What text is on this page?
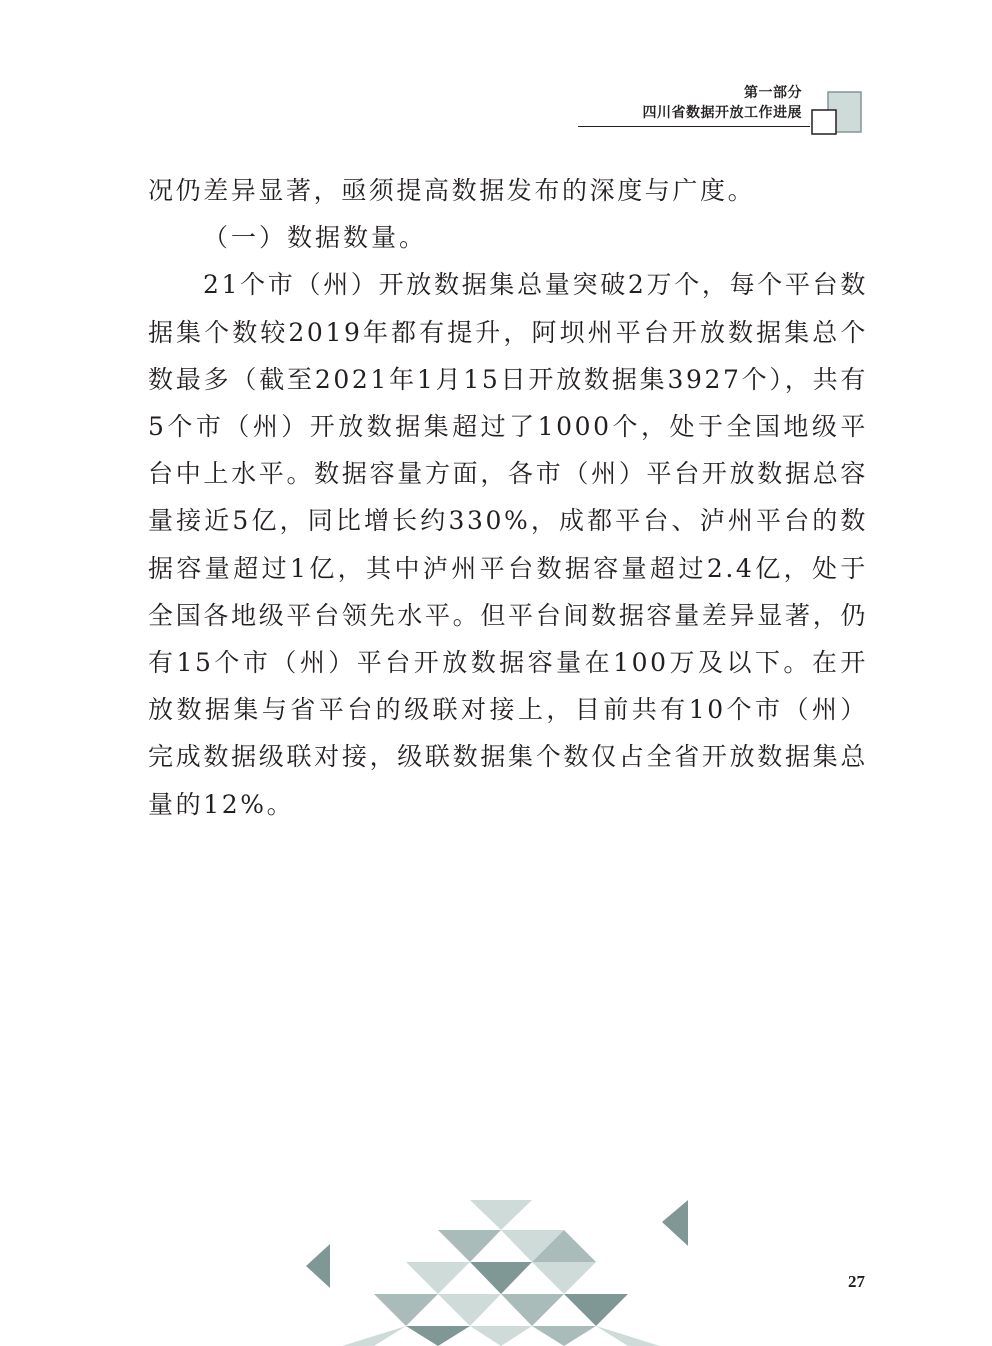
第一部分
四川省数据开放工作进展

况仍差异显著，亟须提高数据发布的深度与广度。

（一）数据数量。

21个市（州）开放数据集总量突破2万个，每个平台数据集个数较2019年都有提升，阿坝州平台开放数据集总个数最多（截至2021年1月15日开放数据集3927个），共有5个市（州）开放数据集超过了1000个，处于全国地级平台中上水平。数据容量方面，各市（州）平台开放数据总容量接近5亿，同比增长约330%，成都平台、泸州平台的数据容量超过1亿，其中泸州平台数据容量超过2.4亿，处于全国各地级平台领先水平。但平台间数据容量差异显著，仍有15个市（州）平台开放数据容量在100万及以下。在开放数据集与省平台的级联对接上，目前共有10个市（州）完成数据级联对接，级联数据集个数仅占全省开放数据集总量的12%。

27
